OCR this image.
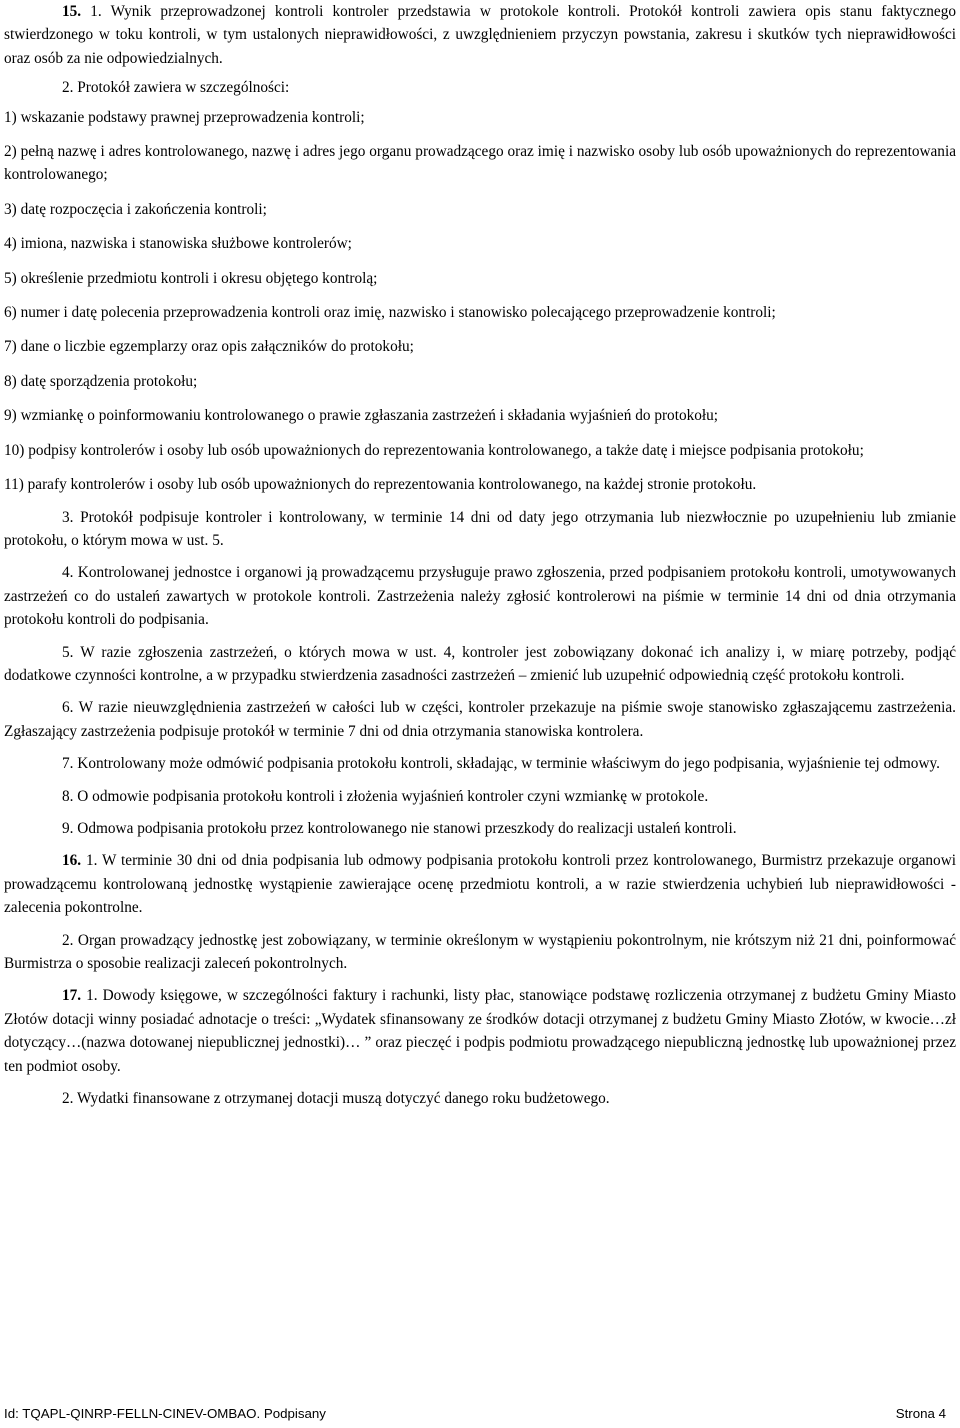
15. 1. Wynik przeprowadzonej kontroli kontroler przedstawia w protokole kontroli. Protokół kontroli zawiera opis stanu faktycznego stwierdzonego w toku kontroli, w tym ustalonych nieprawidłowości, z uwzględnieniem przyczyn powstania, zakresu i skutków tych nieprawidłowości oraz osób za nie odpowiedzialnych.

2. Protokół zawiera w szczególności:

1) wskazanie podstawy prawnej przeprowadzenia kontroli;

2) pełną nazwę i adres kontrolowanego, nazwę i adres jego organu prowadzącego oraz imię i nazwisko osoby lub osób upoważnionych do reprezentowania kontrolowanego;

3) datę rozpoczęcia i zakończenia kontroli;

4) imiona, nazwiska i stanowiska służbowe kontrolerów;

5) określenie przedmiotu kontroli i okresu objętego kontrolą;

6) numer i datę polecenia przeprowadzenia kontroli oraz imię, nazwisko i stanowisko polecającego przeprowadzenie kontroli;

7) dane o liczbie egzemplarzy oraz opis załączników do protokołu;

8) datę sporządzenia protokołu;

9) wzmiankę o poinformowaniu kontrolowanego o prawie zgłaszania zastrzeżeń i składania wyjaśnień do protokołu;

10) podpisy kontrolerów i osoby lub osób upoważnionych do reprezentowania kontrolowanego, a także datę i miejsce podpisania protokołu;

11) parafy kontrolerów i osoby lub osób upoważnionych do reprezentowania kontrolowanego, na każdej stronie protokołu.

3. Protokół podpisuje kontroler i kontrolowany, w terminie 14 dni od daty jego otrzymania lub niezwłocznie po uzupełnieniu lub zmianie protokołu, o którym mowa w ust. 5.

4. Kontrolowanej jednostce i organowi ją prowadzącemu przysługuje prawo zgłoszenia, przed podpisaniem protokołu kontroli, umotywowanych zastrzeżeń co do ustaleń zawartych w protokole kontroli. Zastrzeżenia należy zgłosić kontrolerowi na piśmie w terminie 14 dni od dnia otrzymania protokołu kontroli do podpisania.

5. W razie zgłoszenia zastrzeżeń, o których mowa w ust. 4, kontroler jest zobowiązany dokonać ich analizy i, w miarę potrzeby, podjąć dodatkowe czynności kontrolne, a w przypadku stwierdzenia zasadności zastrzeżeń – zmienić lub uzupełnić odpowiednią część protokołu kontroli.

6. W razie nieuwzględnienia zastrzeżeń w całości lub w części, kontroler przekazuje na piśmie swoje stanowisko zgłaszającemu zastrzeżenia. Zgłaszający zastrzeżenia podpisuje protokół w terminie 7 dni od dnia otrzymania stanowiska kontrolera.

7. Kontrolowany może odmówić podpisania protokołu kontroli, składając, w terminie właściwym do jego podpisania, wyjaśnienie tej odmowy.

8. O odmowie podpisania protokołu kontroli i złożenia wyjaśnień kontroler czyni wzmiankę w protokole.

9. Odmowa podpisania protokołu przez kontrolowanego nie stanowi przeszkody do realizacji ustaleń kontroli.

16. 1. W terminie 30 dni od dnia podpisania lub odmowy podpisania protokołu kontroli przez kontrolowanego, Burmistrz przekazuje organowi prowadzącemu kontrolowaną jednostkę wystąpienie zawierające ocenę przedmiotu kontroli, a w razie stwierdzenia uchybień lub nieprawidłowości - zalecenia pokontrolne.

2. Organ prowadzący jednostkę jest zobowiązany, w terminie określonym w wystąpieniu pokontrolnym, nie krótszym niż 21 dni, poinformować Burmistrza o sposobie realizacji zaleceń pokontrolnych.

17. 1. Dowody księgowe, w szczególności faktury i rachunki, listy płac, stanowiące podstawę rozliczenia otrzymanej z budżetu Gminy Miasto Złotów dotacji winny posiadać adnotacje o treści: „Wydatek sfinansowany ze środków dotacji otrzymanej z budżetu Gminy Miasto Złotów, w kwocie…zł dotyczący…(nazwa dotowanej niepublicznej jednostki)… ” oraz pieczęć i podpis podmiotu prowadzącego niepubliczną jednostkę lub upoważnionej przez ten podmiot osoby.

2. Wydatki finansowane z otrzymanej dotacji muszą dotyczyć danego roku budżetowego.

Id: TQAPL-QINRP-FELLN-CINEV-OMBAO. Podpisany	Strona 4
